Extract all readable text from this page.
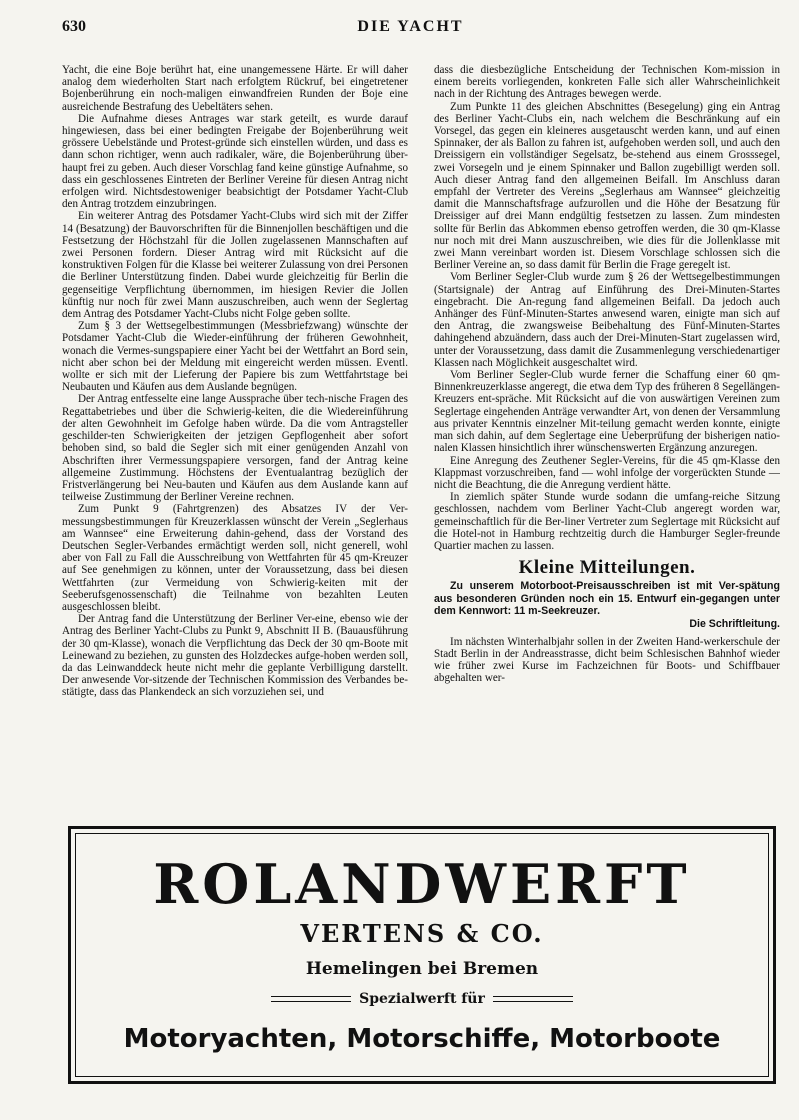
630	DIE YACHT

Yacht, die eine Boje berührt hat, eine unangemessene Härte. Er will daher analog dem wiederholten Start nach erfolgtem Rückruf, bei eingetretener Bojenberührung ein noch-maligen einwandfreien Runden der Boje eine ausreichende Bestrafung des Uebeltäters sehen.

Die Aufnahme dieses Antrages war stark geteilt, es wurde darauf hingewiesen, dass bei einer bedingten Freigabe der Bojenberührung weit grössere Uebelstände und Protest-gründe sich einstellen würden, und dass es dann schon richtiger, wenn auch radikaler, wäre, die Bojenberührung über-haupt frei zu geben. Auch dieser Vorschlag fand keine günstige Aufnahme, so dass ein geschlossenes Eintreten der Berliner Vereine für diesen Antrag nicht erfolgen wird. Nichtsdestoweniger beabsichtigt der Potsdamer Yacht-Club den Antrag trotzdem einzubringen.

Ein weiterer Antrag des Potsdamer Yacht-Clubs wird sich mit der Ziffer 14 (Besatzung) der Bauvorschriften für die Binnenjollen beschäftigen und die Festsetzung der Höchstzahl für die Jollen zugelassenen Mannschaften auf zwei Personen fordern. Dieser Antrag wird mit Rücksicht auf die konstruktiven Folgen für die Klasse bei weiterer Zulassung von drei Personen die Berliner Unterstützung finden. Dabei wurde gleichzeitig für Berlin die gegenseitige Verpflichtung übernommen, im hiesigen Revier die Jollen künftig nur noch für zwei Mann auszuschreiben, auch wenn der Seglertag dem Antrag des Potsdamer Yacht-Clubs nicht Folge geben sollte.

Zum § 3 der Wettsegelbestimmungen (Messbriefzwang) wünschte der Potsdamer Yacht-Club die Wieder-einführung der früheren Gewohnheit, wonach die Vermes-sungspapiere einer Yacht bei der Wettfahrt an Bord sein, nicht aber schon bei der Meldung mit eingereicht werden müssen. Eventl. wollte er sich mit der Lieferung der Papiere bis zum Wettfahrtstage bei Neubauten und Käufen aus dem Auslande begnügen.

Der Antrag entfesselte eine lange Aussprache über tech-nische Fragen des Regattabetriebes und über die Schwierig-keiten, die die Wiedereinführung der alten Gewohnheit im Gefolge haben würde. Da die vom Antragsteller geschilder-ten Schwierigkeiten der jetzigen Gepflogenheit aber sofort behoben sind, so bald die Segler sich mit einer genügenden Anzahl von Abschriften ihrer Vermessungspapiere versorgen, fand der Antrag keine allgemeine Zustimmung. Höchstens der Eventualantrag bezüglich der Fristverlängerung bei Neu-bauten und Käufen aus dem Auslande kann auf teilweise Zustimmung der Berliner Vereine rechnen.

Zum Punkt 9 (Fahrtgrenzen) des Absatzes IV der Ver-messungsbestimmungen für Kreuzerklassen wünscht der Verein „Seglerhaus am Wannsee“ eine Erweiterung dahin-gehend, dass der Vorstand des Deutschen Segler-Verbandes ermächtigt werden soll, nicht generell, wohl aber von Fall zu Fall die Ausschreibung von Wettfahrten für 45 qm-Kreuzer auf See genehmigen zu können, unter der Voraussetzung, dass bei diesen Wettfahrten (zur Vermeidung von Schwierig-keiten mit der Seeberufsgenossenschaft) die Teilnahme von bezahlten Leuten ausgeschlossen bleibt.

Der Antrag fand die Unterstützung der Berliner Ver-eine, ebenso wie der Antrag des Berliner Yacht-Clubs zu Punkt 9, Abschnitt II B. (Bauausführung der 30 qm-Klasse), wonach die Verpflichtung das Deck der 30 qm-Boote mit Leinewand zu beziehen, zu gunsten des Holzdeckes aufge-hoben werden soll, da das Leinwanddeck heute nicht mehr die geplante Verbilligung darstellt. Der anwesende Vor-sitzende der Technischen Kommission des Verbandes be-stätigte, dass das Plankendeck an sich vorzuziehen sei, und

dass die diesbezügliche Entscheidung der Technischen Kom-mission in einem bereits vorliegenden, konkreten Falle sich aller Wahrscheinlichkeit nach in der Richtung des Antrages bewegen werde.

Zum Punkte 11 des gleichen Abschnittes (Besegelung) ging ein Antrag des Berliner Yacht-Clubs ein, nach welchem die Beschränkung auf ein Vorsegel, das gegen ein kleineres ausgetauscht werden kann, und auf einen Spinnaker, der als Ballon zu fahren ist, aufgehoben werden soll, und auch den Dreissigern ein vollständiger Segelsatz, be-stehend aus einem Grosssegel, zwei Vorsegeln und je einem Spinnaker und Ballon zugebilligt werden soll. Auch dieser Antrag fand den allgemeinen Beifall. Im Anschluss daran empfahl der Vertreter des Vereins „Seglerhaus am Wannsee“ gleichzeitig damit die Mannschaftsfrage aufzurollen und die Höhe der Besatzung für Dreissiger auf drei Mann endgültig festsetzen zu lassen. Zum mindesten sollte für Berlin das Abkommen ebenso getroffen werden, die 30 qm-Klasse nur noch mit drei Mann auszuschreiben, wie dies für die Jollenklasse mit zwei Mann vereinbart worden ist. Diesem Vorschlage schlossen sich die Berliner Vereine an, so dass damit für Berlin die Frage geregelt ist.

Vom Berliner Segler-Club wurde zum § 26 der Wettsegelbestimmungen (Startsignale) der Antrag auf Einführung des Drei-Minuten-Startes eingebracht. Die An-regung fand allgemeinen Beifall. Da jedoch auch Anhänger des Fünf-Minuten-Startes anwesend waren, einigte man sich auf den Antrag, die zwangsweise Beibehaltung des Fünf-Minuten-Startes dahingehend abzuändern, dass auch der Drei-Minuten-Start zugelassen wird, unter der Voraussetzung, dass damit die Zusammenlegung verschiedenartiger Klassen nach Möglichkeit ausgeschaltet wird.

Vom Berliner Segler-Club wurde ferner die Schaffung einer 60 qm-Binnenkreuzerklasse angeregt, die etwa dem Typ des früheren 8 Segellängen-Kreuzers ent-spräche. Mit Rücksicht auf die von auswärtigen Vereinen zum Seglertage eingehenden Anträge verwandter Art, von denen der Versammlung aus privater Kenntnis einzelner Mit-teilung gemacht werden konnte, einigte man sich dahin, auf dem Seglertage eine Ueberprüfung der bisherigen natio-nalen Klassen hinsichtlich ihrer wünschenswerten Ergänzung anzuregen.

Eine Anregung des Zeuthener Segler-Vereins, für die 45 qm-Klasse den Klappmast vorzuschreiben, fand — wohl infolge der vorgerückten Stunde — nicht die Beachtung, die die Anregung verdient hätte.

In ziemlich später Stunde wurde sodann die umfang-reiche Sitzung geschlossen, nachdem vom Berliner Yacht-Club angeregt worden war, gemeinschaftlich für die Ber-liner Vertreter zum Seglertage mit Rücksicht auf die Hotel-not in Hamburg rechtzeitig durch die Hamburger Segler-freunde Quartier machen zu lassen.

Kleine Mitteilungen.

Zu unserem Motorboot-Preisausschreiben ist mit Ver-spätung aus besonderen Gründen noch ein 15. Entwurf ein-gegangen unter dem Kennwort: 11 m-Seekreuzer.

Die Schriftleitung.

Im nächsten Winterhalbjahr sollen in der Zweiten Hand-werkerschule der Stadt Berlin in der Andreasstrasse, dicht beim Schlesischen Bahnhof wieder wie früher zwei Kurse im Fachzeichnen für Boots- und Schiffbauer abgehalten wer-

ROLANDWERFT
VERTENS & CO.
Hemelingen bei Bremen
Spezialwerft für
Motoryachten, Motorschiffe, Motorboote
